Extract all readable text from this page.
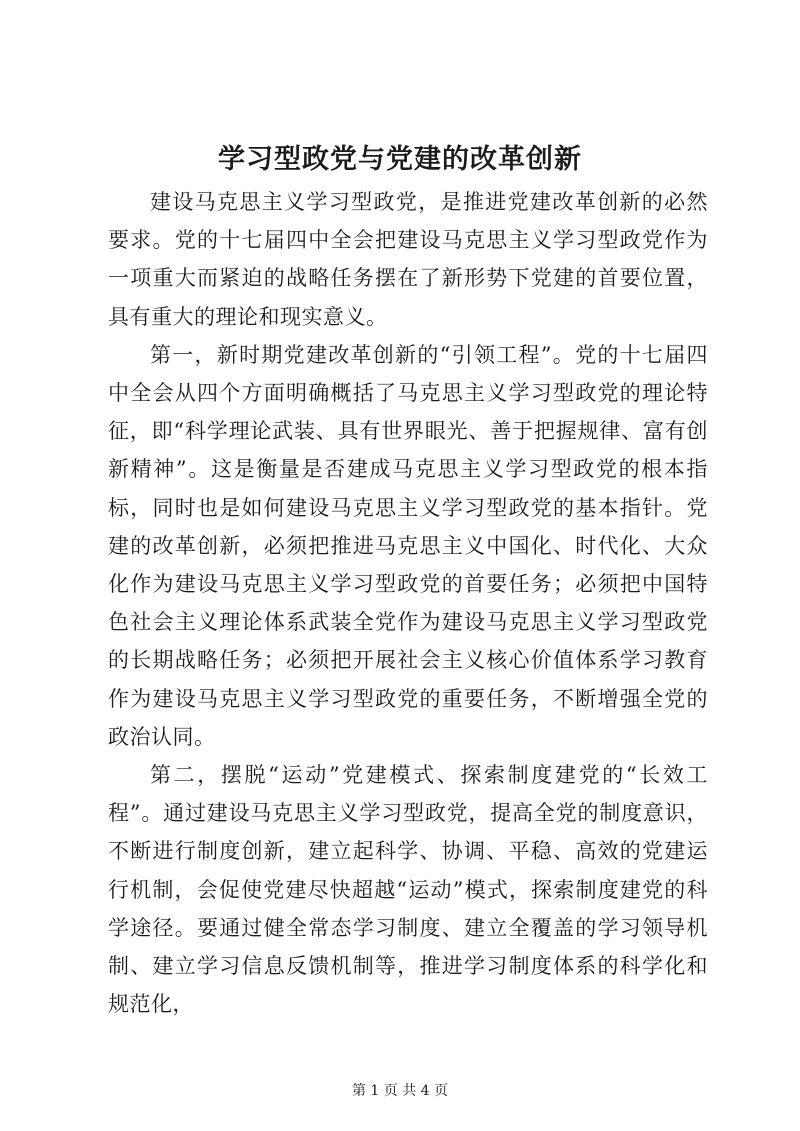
学习型政党与党建的改革创新

建设马克思主义学习型政党，是推进党建改革创新的必然要求。党的十七届四中全会把建设马克思主义学习型政党作为一项重大而紧迫的战略任务摆在了新形势下党建的首要位置，具有重大的理论和现实意义。

第一，新时期党建改革创新的“引领工程”。党的十七届四中全会从四个方面明确概括了马克思主义学习型政党的理论特征，即“科学理论武装、具有世界眼光、善于把握规律、富有创新精神”。这是衡量是否建成马克思主义学习型政党的根本指标，同时也是如何建设马克思主义学习型政党的基本指针。党建的改革创新，必须把推进马克思主义中国化、时代化、大众化作为建设马克思主义学习型政党的首要任务；必须把中国特色社会主义理论体系武装全党作为建设马克思主义学习型政党的长期战略任务；必须把开展社会主义核心价值体系学习教育作为建设马克思主义学习型政党的重要任务，不断增强全党的政治认同。

第二，摆脱“运动”党建模式、探索制度建党的“长效工程”。通过建设马克思主义学习型政党，提高全党的制度意识，不断进行制度创新，建立起科学、协调、平稳、高效的党建运行机制，会促使党建尽快超越“运动”模式，探索制度建党的科学途径。要通过健全常态学习制度、建立全覆盖的学习领导机制、建立学习信息反馈机制等，推进学习制度体系的科学化和规范化，

第 1 页 共 4 页
